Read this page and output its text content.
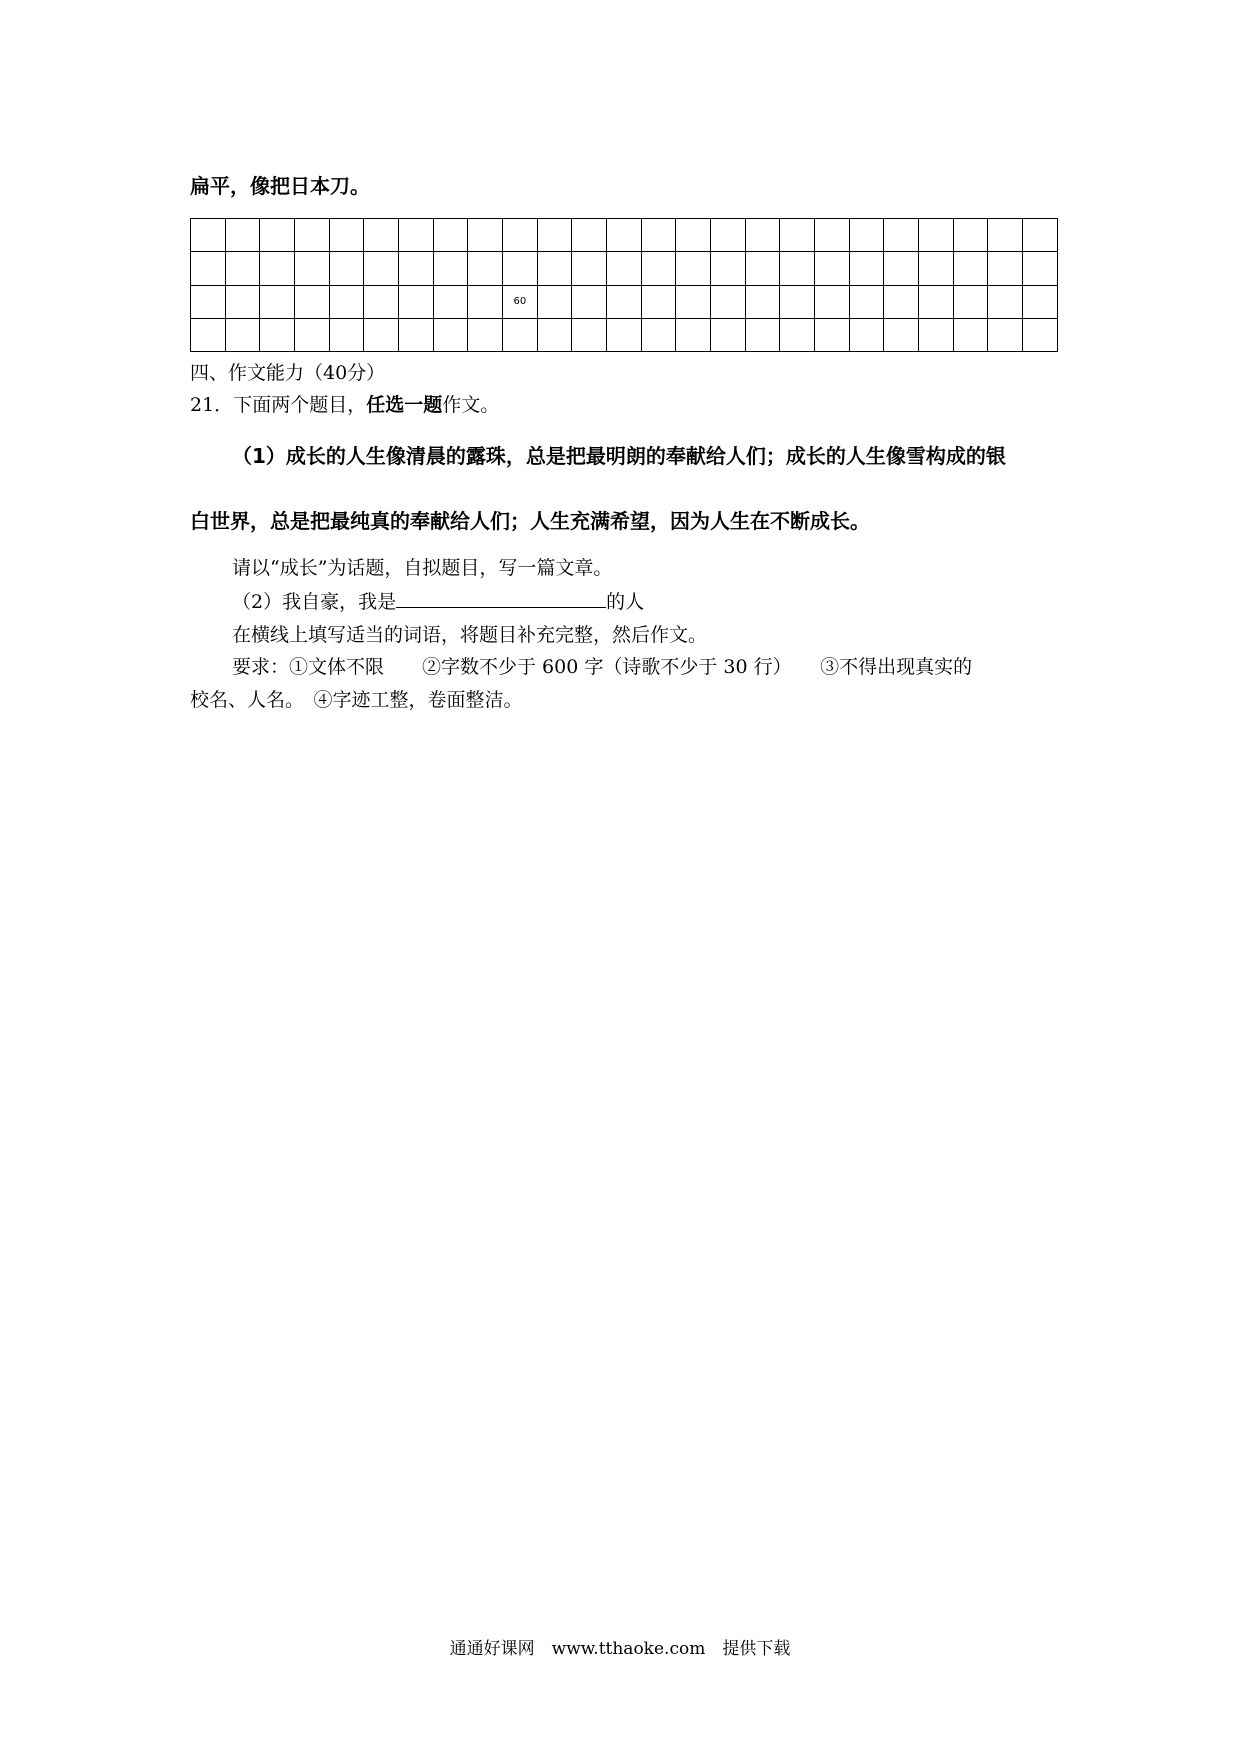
扁平，像把日本刀。

									60															

四、作文能力（40分）
21．下面两个题目，任选一题作文。
（1）成长的人生像清晨的露珠，总是把最明朗的奉献给人们；成长的人生像雪构成的银
白世界，总是把最纯真的奉献给人们；人生充满希望，因为人生在不断成长。
请以“成长”为话题，自拟题目，写一篇文章。
（2）我自豪，我是	的人
在横线上填写适当的词语，将题目补充完整，然后作文。
要求：①文体不限　　②字数不少于 600 字（诗歌不少于 30 行）　　③不得出现真实的
校名、人名。　④字迹工整，卷面整洁。
通通好课网　www.tthaoke.com　提供下载
